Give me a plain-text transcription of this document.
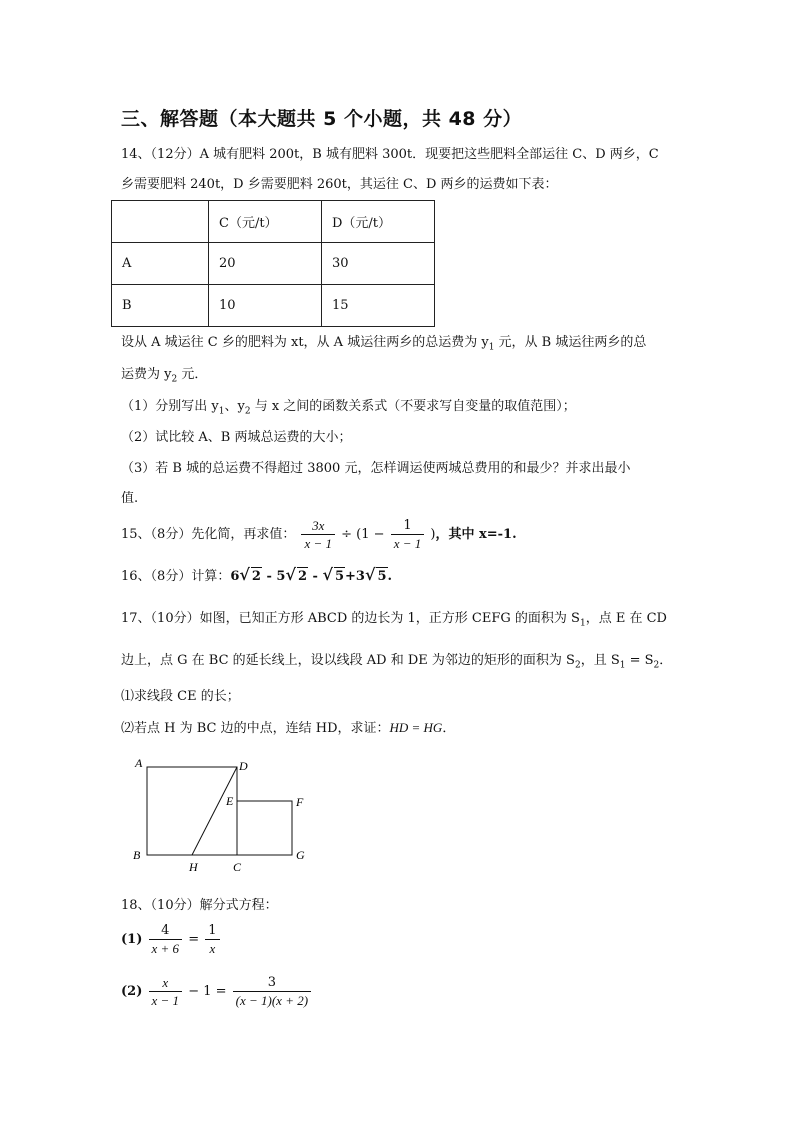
三、解答题（本大题共 5 个小题，共 48 分）
14、（12分）A 城有肥料 200t，B 城有肥料 300t．现要把这些肥料全部运往 C、D 两乡，C
乡需要肥料 240t，D 乡需要肥料 260t，其运往 C、D 两乡的运费如下表：
	C（元/t）	D（元/t）
A	20	30
B	10	15
设从 A 城运往 C 乡的肥料为 xt，从 A 城运往两乡的总运费为 $y_1$ 元，从 B 城运往两乡的总
运费为 $y_2$ 元．
（1）分别写出 $y_1$、$y_2$ 与 x 之间的函数关系式（不要求写自变量的取值范围）；
（2）试比较 A、B 两城总运费的大小；
（3）若 B 城的总运费不得超过 3800 元，怎样调运使两城总费用的和最少？并求出最小
值.
15、（8分）先化简，再求值： $\frac{3x}{x - 1} \div (1 - \frac{1}{x - 1}$ )，其中 x=-1.
16、（8分）计算：6√ 2 - 5√ 2 - √ 5+3√ 5.
17、（10分）如图，已知正方形 ABCD 的边长为 1，正方形 CEFG 的面积为 $S_1$，点 E 在 CD
边上，点 G 在 BC 的延长线上，设以线段 AD 和 DE 为邻边的矩形的面积为 $S_2$，且 $S_1 = S_2$．
⑴求线段 CE 的长；
⑵若点 H 为 BC 边的中点，连结 HD，求证：HD = HG．
A	D
E	F
B
H	C
G
18、（10分）解分式方程：
$(1) \frac{4}{x + 6} = \frac{1}{x}$
$(2) \frac{x}{x - 1} - 1 = \frac{3}{(x - 1)(x + 2)}$
